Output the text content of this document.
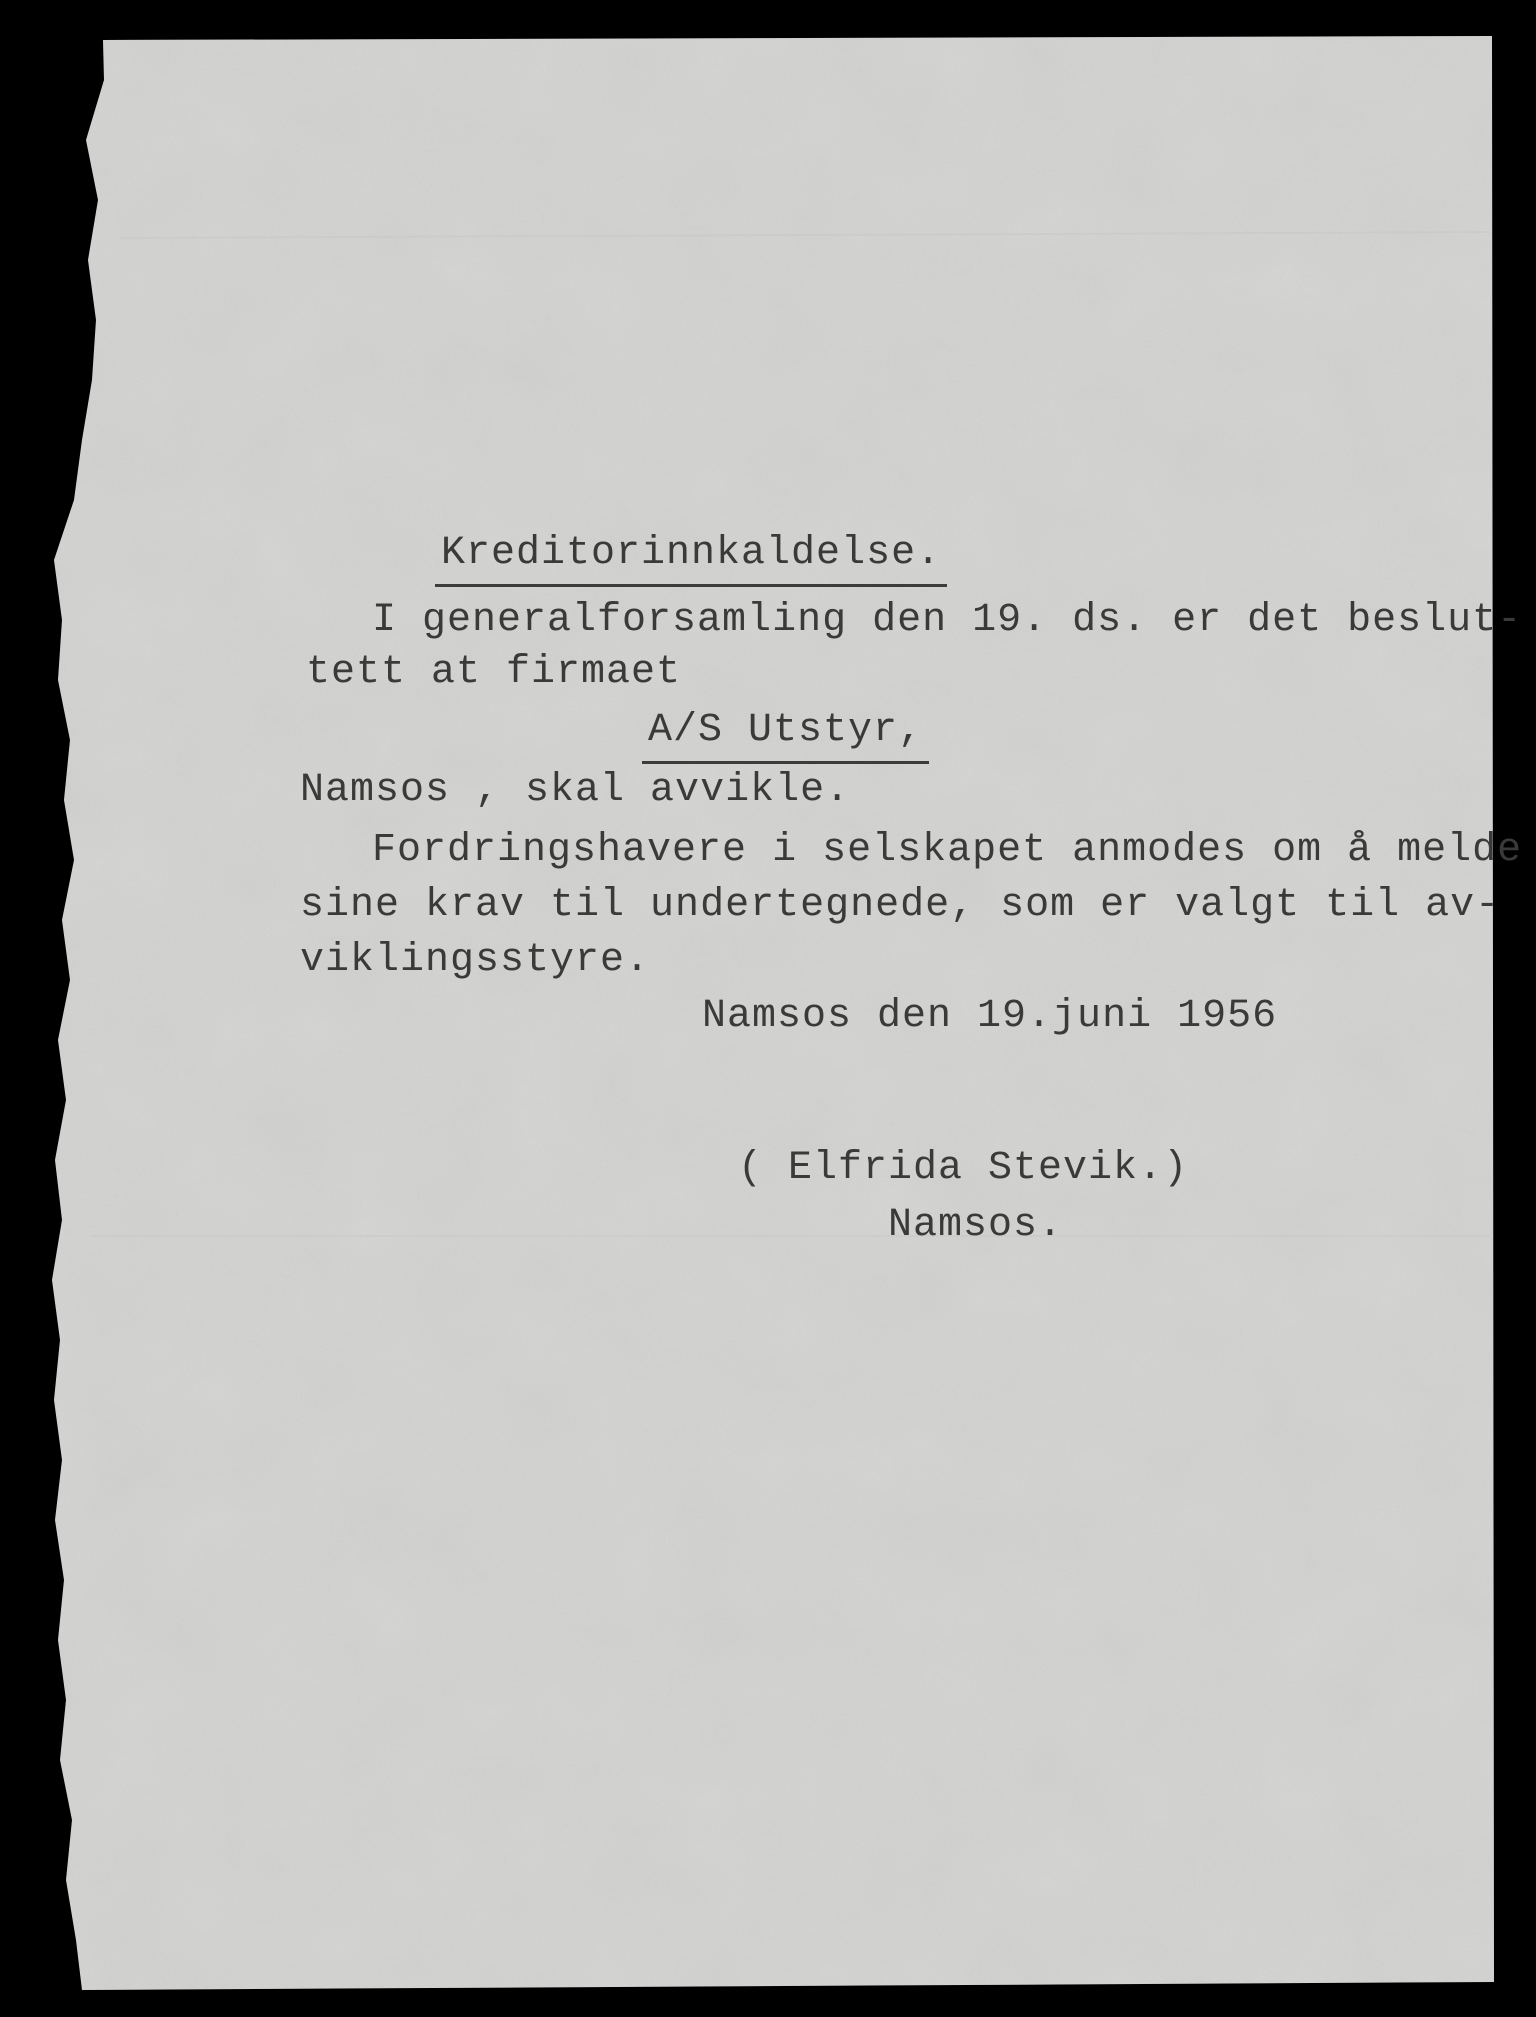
Kreditorinnkaldelse.

I generalforsamling den 19. ds. er det beslut-

tett at firmaet

A/S Utstyr,

Namsos , skal avvikle.

Fordringshavere i selskapet anmodes om å melde

sine krav til undertegnede, som er valgt til av-

viklingsstyre.

Namsos den 19.juni 1956

( Elfrida Stevik.)

Namsos.
